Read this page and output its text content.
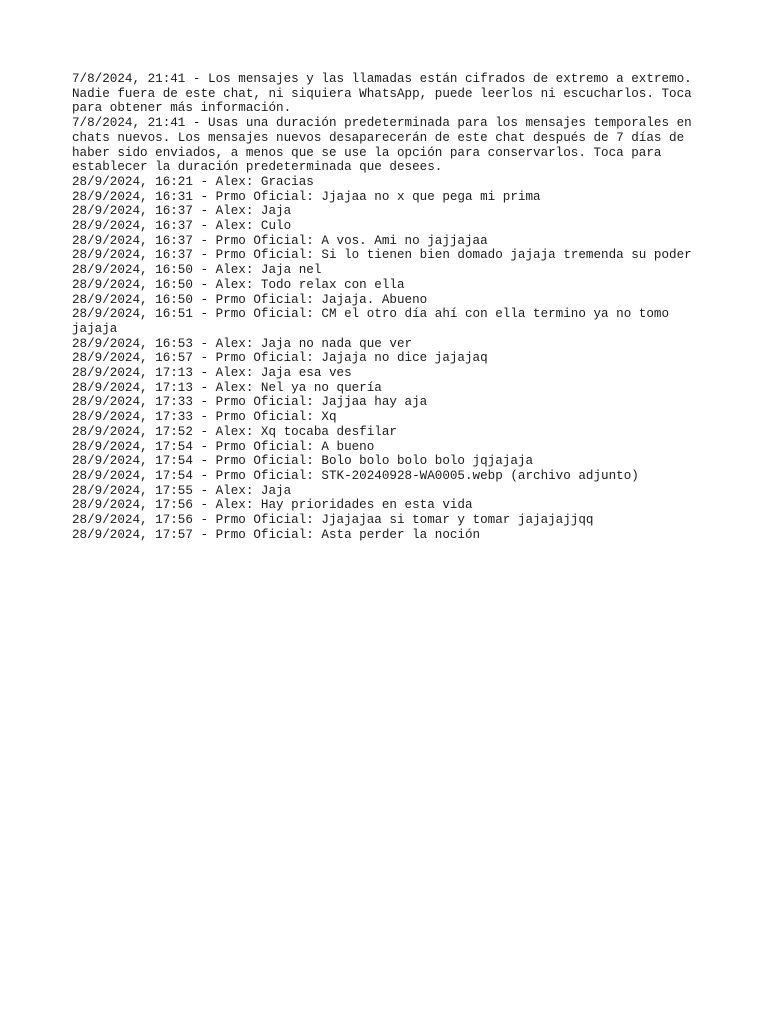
7/8/2024, 21:41 - Los mensajes y las llamadas están cifrados de extremo a extremo.
Nadie fuera de este chat, ni siquiera WhatsApp, puede leerlos ni escucharlos. Toca
para obtener más información.
7/8/2024, 21:41 - Usas una duración predeterminada para los mensajes temporales en
chats nuevos. Los mensajes nuevos desaparecerán de este chat después de 7 días de
haber sido enviados, a menos que se use la opción para conservarlos. Toca para
establecer la duración predeterminada que desees.
28/9/2024, 16:21 - Alex: Gracias
28/9/2024, 16:31 - Prmo Oficial: Jjajaa no x que pega mi prima
28/9/2024, 16:37 - Alex: Jaja
28/9/2024, 16:37 - Alex: Culo
28/9/2024, 16:37 - Prmo Oficial: A vos. Ami no jajjajaa
28/9/2024, 16:37 - Prmo Oficial: Si lo tienen bien domado jajaja tremenda su poder
28/9/2024, 16:50 - Alex: Jaja nel
28/9/2024, 16:50 - Alex: Todo relax con ella
28/9/2024, 16:50 - Prmo Oficial: Jajaja. Abueno
28/9/2024, 16:51 - Prmo Oficial: CM el otro día ahí con ella termino ya no tomo
jajaja
28/9/2024, 16:53 - Alex: Jaja no nada que ver
28/9/2024, 16:57 - Prmo Oficial: Jajaja no dice jajajaq
28/9/2024, 17:13 - Alex: Jaja esa ves
28/9/2024, 17:13 - Alex: Nel ya no quería
28/9/2024, 17:33 - Prmo Oficial: Jajjaa hay aja
28/9/2024, 17:33 - Prmo Oficial: Xq
28/9/2024, 17:52 - Alex: Xq tocaba desfilar
28/9/2024, 17:54 - Prmo Oficial: A bueno
28/9/2024, 17:54 - Prmo Oficial: Bolo bolo bolo bolo jqjajaja
28/9/2024, 17:54 - Prmo Oficial: STK-20240928-WA0005.webp (archivo adjunto)
28/9/2024, 17:55 - Alex: Jaja
28/9/2024, 17:56 - Alex: Hay prioridades en esta vida
28/9/2024, 17:56 - Prmo Oficial: Jjajajaa si tomar y tomar jajajajjqq
28/9/2024, 17:57 - Prmo Oficial: Asta perder la noción
